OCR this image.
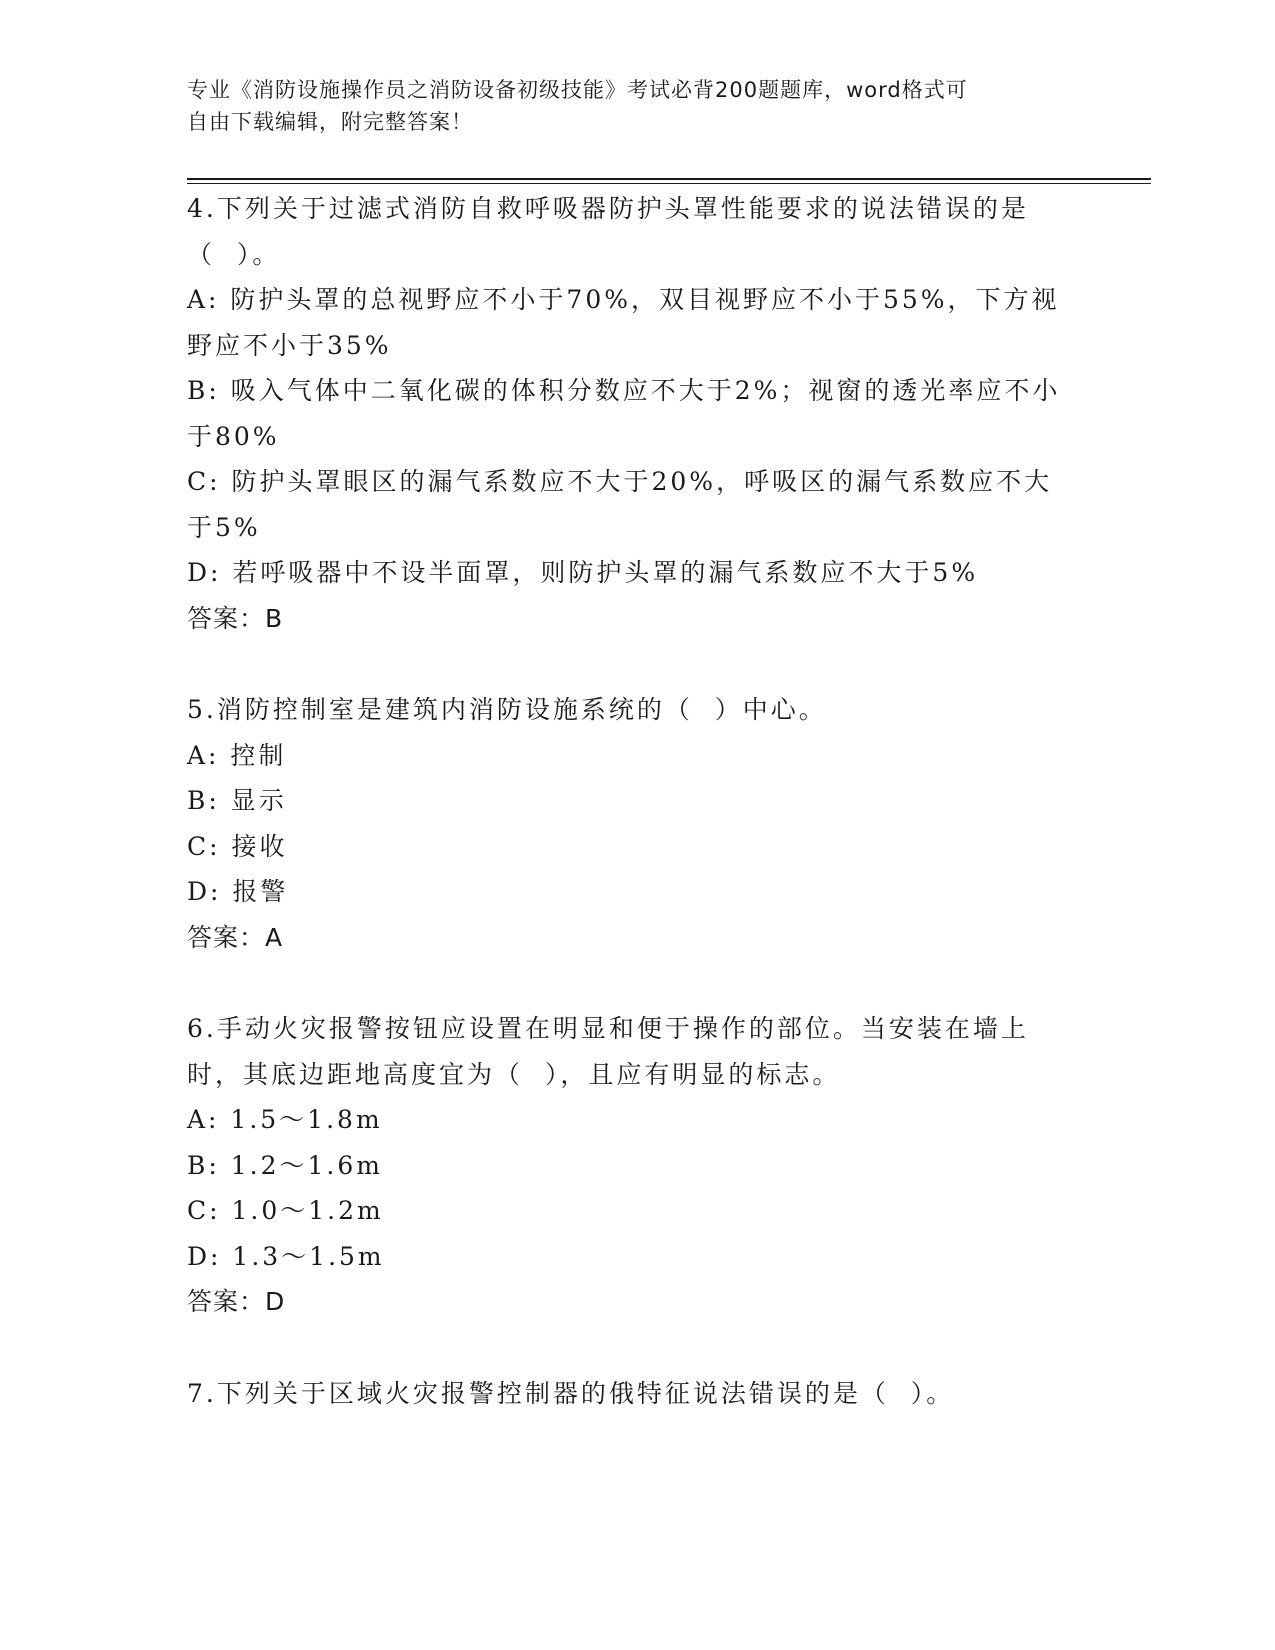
专业《消防设施操作员之消防设备初级技能》考试必背200题题库，word格式可
自由下载编辑，附完整答案！
4.下列关于过滤式消防自救呼吸器防护头罩性能要求的说法错误的是
（  ）。
A: 防护头罩的总视野应不小于70%，双目视野应不小于55%，下方视
野应不小于35%
B: 吸入气体中二氧化碳的体积分数应不大于2%；视窗的透光率应不小
于80%
C: 防护头罩眼区的漏气系数应不大于20%，呼吸区的漏气系数应不大
于5%
D: 若呼吸器中不设半面罩，则防护头罩的漏气系数应不大于5%
答案：B
5.消防控制室是建筑内消防设施系统的（  ）中心。
A: 控制
B: 显示
C: 接收
D: 报警
答案：A
6.手动火灾报警按钮应设置在明显和便于操作的部位。当安装在墙上
时，其底边距地高度宜为（  ），且应有明显的标志。
A: 1.5～1.8m
B: 1.2～1.6m
C: 1.0～1.2m
D: 1.3～1.5m
答案：D
7.下列关于区域火灾报警控制器的俄特征说法错误的是（  ）。
